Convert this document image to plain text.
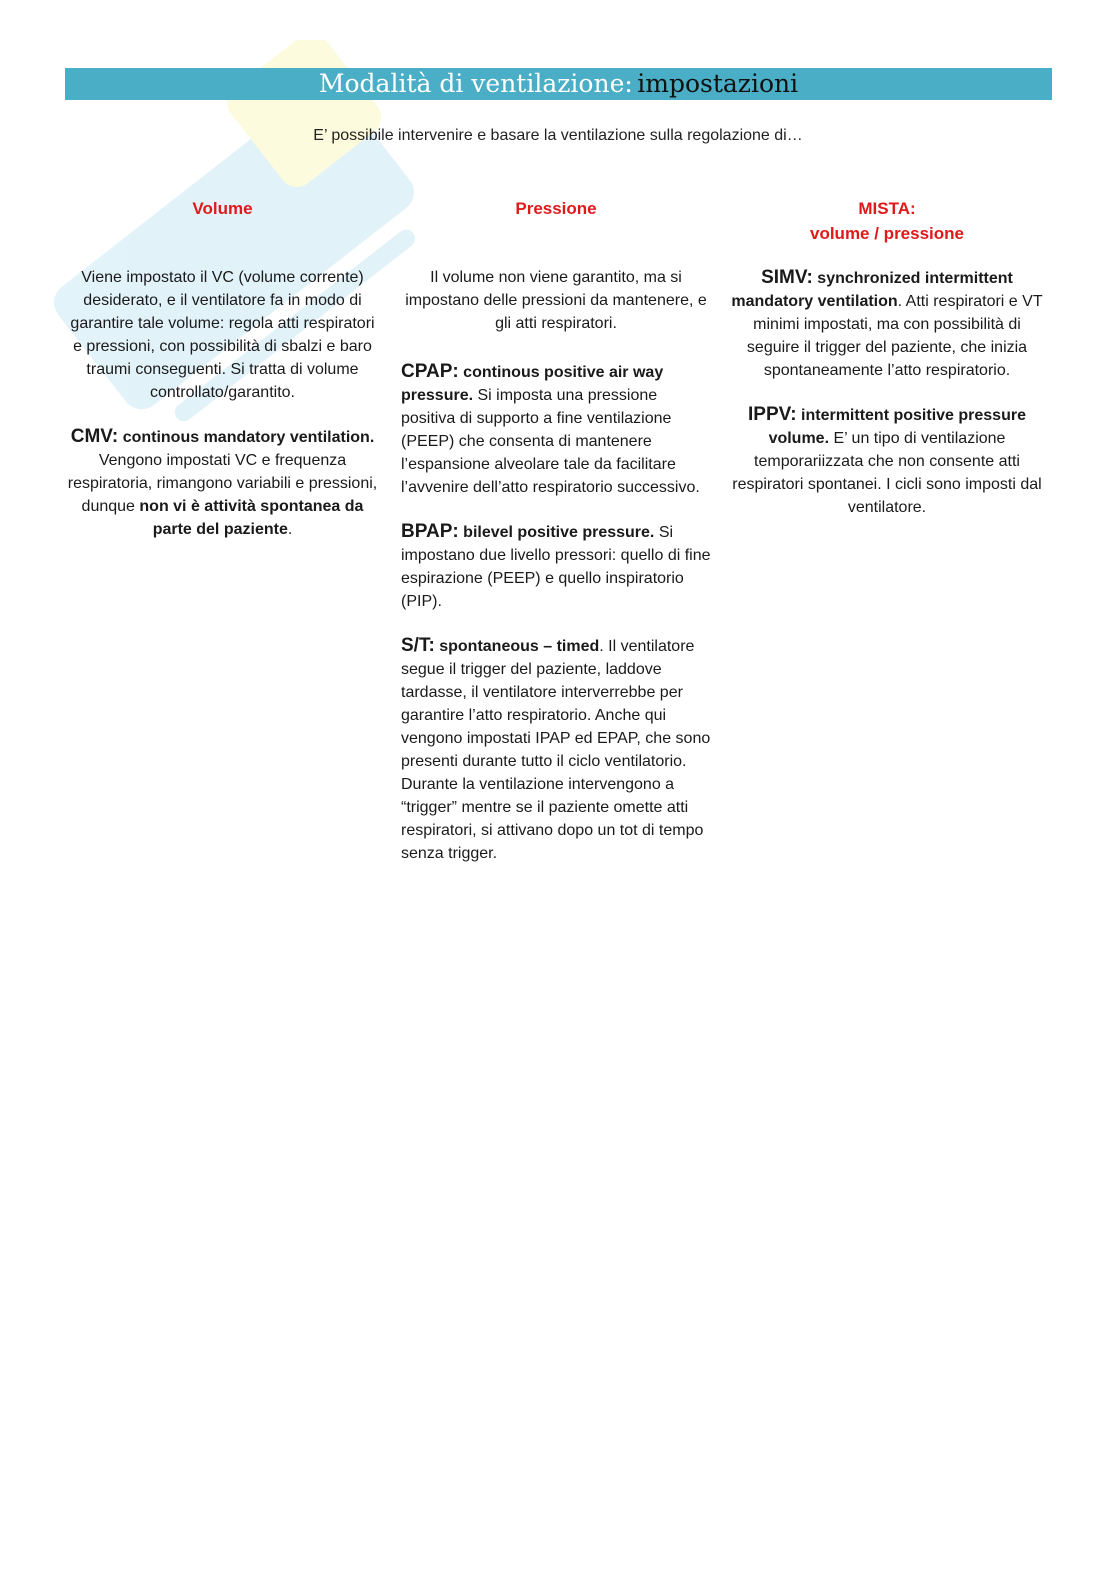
Modalità di ventilazione: impostazioni
E’ possibile intervenire e basare la ventilazione sulla regolazione di…
Volume

Viene impostato il VC (volume corrente) desiderato, e il ventilatore fa in modo di garantire tale volume: regola atti respiratori e pressioni, con possibilità di sbalzi e baro traumi conseguenti. Si tratta di volume controllato/garantito.

CMV: continous mandatory ventilation. Vengono impostati VC e frequenza respiratoria, rimangono variabili e pressioni, dunque non vi è attività spontanea da parte del paziente.

Pressione

Il volume non viene garantito, ma si impostano delle pressioni da mantenere, e gli atti respiratori.

CPAP: continous positive air way pressure. Si imposta una pressione positiva di supporto a fine ventilazione (PEEP) che consenta di mantenere l’espansione alveolare tale da facilitare l’avvenire dell’atto respiratorio successivo.

BPAP: bilevel positive pressure. Si impostano due livello pressori: quello di fine espirazione (PEEP) e quello inspiratorio (PIP).

S/T: spontaneous – timed. Il ventilatore segue il trigger del paziente, laddove tardasse, il ventilatore interverrebbe per garantire l’atto respiratorio. Anche qui vengono impostati IPAP ed EPAP, che sono presenti durante tutto il ciclo ventilatorio. Durante la ventilazione intervengono a “trigger” mentre se il paziente omette atti respiratori, si attivano dopo un tot di tempo senza trigger.

MISTA:
volume / pressione

SIMV: synchronized intermittent mandatory ventilation. Atti respiratori e VT minimi impostati, ma con possibilità di seguire il trigger del paziente, che inizia spontaneamente l’atto respiratorio.

IPPV: intermittent positive pressure volume. E’ un tipo di ventilazione temporariizzata che non consente atti respiratori spontanei. I cicli sono imposti dal ventilatore.
